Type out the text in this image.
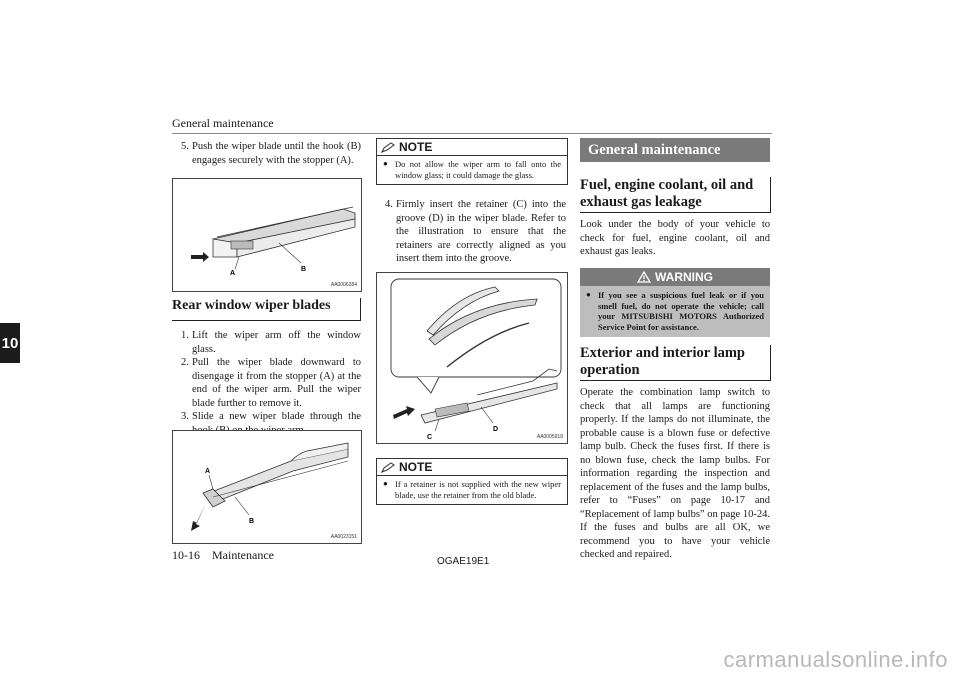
General maintenance
10

5. Push the wiper blade until the hook (B) engages securely with the stopper (A).

A
B
AA0006284
Rear window wiper blades

1. Lift the wiper arm off the window glass.

2. Pull the wiper blade downward to disengage it from the stopper (A) at the end of the wiper arm. Pull the wiper blade further to remove it.

3. Slide a new wiper blade through the

A
B
AA0023151
NOTE
● Do not allow the wiper arm to fall onto the window glass; it could damage the glass.

4. Firmly insert the retainer (C) into the groove (D) in the wiper blade. Refer to the illustration to ensure that the retainers are correctly aligned as you insert them into the groove.

C
D
AA0005918
NOTE
● If a retainer is not supplied with the new wiper blade, use the retainer from the old blade.
General maintenance
Fuel, engine coolant, oil and exhaust gas leakage
Look under the body of your vehicle to check for fuel, engine coolant, oil and exhaust gas leaks.
WARNING
● If you see a suspicious fuel leak or if you smell fuel, do not operate the vehicle; call your MITSUBISHI MOTORS Authorized Service Point for assistance.
Exterior and interior lamp operation
Operate the combination lamp switch to check that all lamps are functioning properly. If the lamps do not illuminate, the probable cause is a blown fuse or defective lamp bulb. Check the fuses first. If there is no blown fuse, check the lamp bulbs. For information regarding the inspection and replacement of the fuses and the lamp bulbs, refer to “Fuses” on page 10-17 and “Replacement of lamp bulbs” on page 10-24. If the fuses and bulbs are all OK, we recommend you to have your vehicle checked and repaired.
10-16 Maintenance	OGAE19E1
carmanualsonline.info
